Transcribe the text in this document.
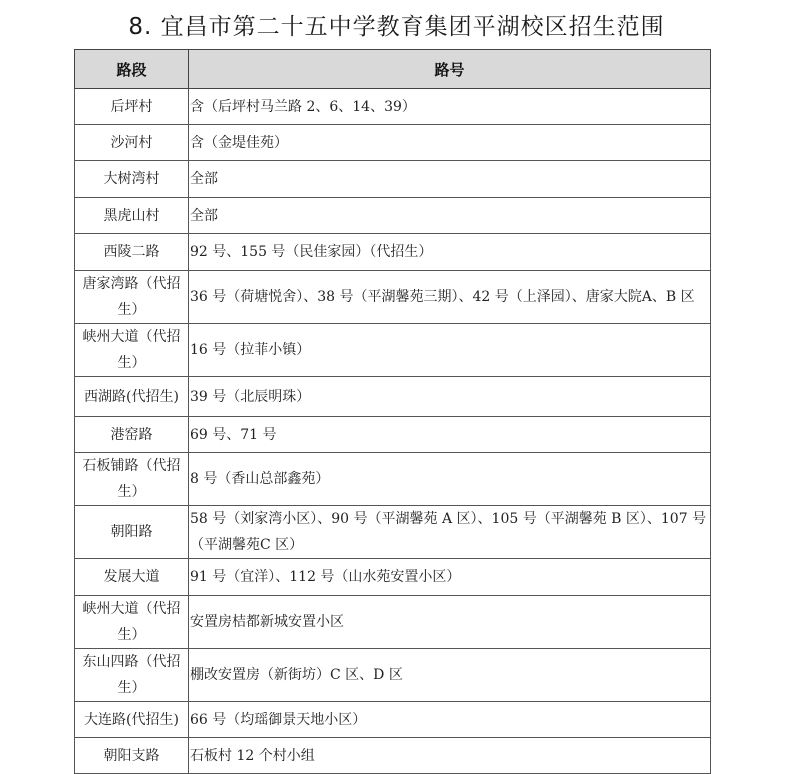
8. 宜昌市第二十五中学教育集团平湖校区招生范围
路段	路号
后坪村	含（后坪村马兰路 2、6、14、39）
沙河村	含（金堤佳苑）
大树湾村	全部
黑虎山村	全部
西陵二路	92 号、155 号（民佳家园）（代招生）
唐家湾路（代招生）	36 号（荷塘悦舍）、38 号（平湖馨苑三期）、42 号（上泽园）、唐家大院A、B 区
峡州大道（代招生）	16 号（拉菲小镇）
西湖路(代招生)	39 号（北辰明珠）
港窑路	69 号、71 号
石板铺路（代招生）	8 号（香山总部鑫苑）
朝阳路	58 号（刘家湾小区）、90 号（平湖馨苑 A 区）、105 号（平湖馨苑 B 区）、107 号（平湖馨苑C 区）
发展大道	91 号（宜洋）、112 号（山水苑安置小区）
峡州大道（代招生）	安置房桔都新城安置小区
东山四路（代招生）	棚改安置房（新街坊）C 区、D 区
大连路(代招生)	66 号（均瑶御景天地小区）
朝阳支路	石板村 12 个村小组
